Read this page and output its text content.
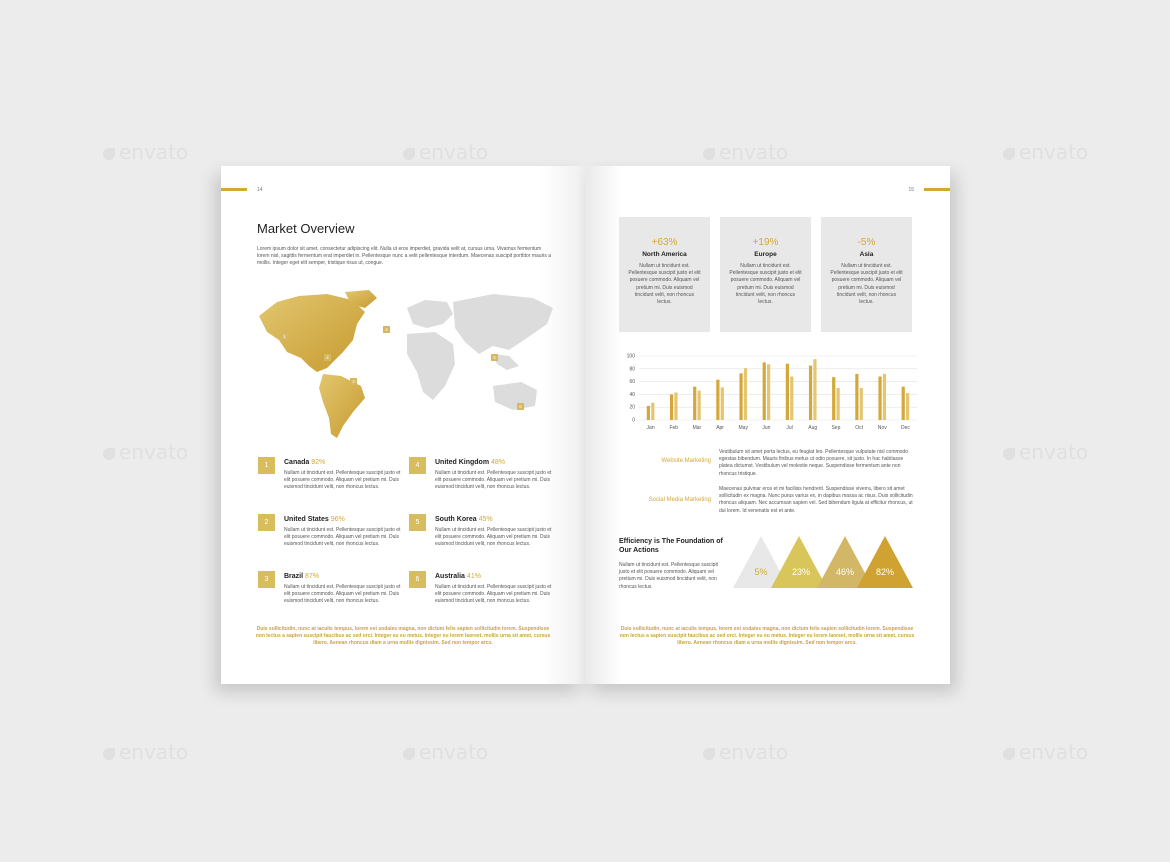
envato	envato	envato	envato
envato	envato
envato	envato	envato	envato
14
Market Overview
Lorem ipsum dolor sit amet, consectetur adipiscing elit. Nulla ut eros imperdiet, gravida velit at, cursus urna. Vivamus fermentum lorem nisl, sagittis fermentum erat imperdiet in. Pellentesque nunc a velit pellentesque interdum. Maecenas suscipit porttitor mauris a mollis. Integer eget elit semper, tristique risus ut, congue.
1
2
3
4
5
6
1	Canada 92%
Nullam ut tincidunt est. Pellentesque suscipit justo et elit posuere commodo. Aliquam vel pretium mi. Duis euismod tincidunt velit, non rhoncus lectus.
2	United States 96%
Nullam ut tincidunt est. Pellentesque suscipit justo et elit posuere commodo. Aliquam vel pretium mi. Duis euismod tincidunt velit, non rhoncus lectus.
3	Brazil 87%
Nullam ut tincidunt est. Pellentesque suscipit justo et elit posuere commodo. Aliquam vel pretium mi. Duis euismod tincidunt velit, non rhoncus lectus.
4	United Kingdom 48%
Nullam ut tincidunt est. Pellentesque suscipit justo et elit posuere commodo. Aliquam vel pretium mi. Duis euismod tincidunt velit, non rhoncus lectus.
5	South Korea 45%
Nullam ut tincidunt est. Pellentesque suscipit justo et elit posuere commodo. Aliquam vel pretium mi. Duis euismod tincidunt velit, non rhoncus lectus.
6	Australia 41%
Nullam ut tincidunt est. Pellentesque suscipit justo et elit posuere commodo. Aliquam vel pretium mi. Duis euismod tincidunt velit, non rhoncus lectus.
Duis sollicitudin, nunc at iaculis tempus, lorem est sodales magna, non dictum felis sapien sollicitudin lorem. Suspendisse non lectus a sapien suscipit faucibus ac sed orci. Integer eu eu metus. Integer eu lorem laoreet, mollis urna sit amet, cursus libero. Aenean rhoncus diam a urna mollis dignissim. Sed non tempor arcu.
15
+63%
North America
Nullam ut tincidunt est. Pellentesque suscipit justo et elit posuere commodo. Aliquam vel pretium mi. Duis euismod tincidunt velit, non rhoncus lectus.
+19%
Europe
Nullam ut tincidunt est. Pellentesque suscipit justo et elit posuere commodo. Aliquam vel pretium mi. Duis euismod tincidunt velit, non rhoncus lectus.
-5%
Asia
Nullam ut tincidunt est. Pellentesque suscipit justo et elit posuere commodo. Aliquam vel pretium mi. Duis euismod tincidunt velit, non rhoncus lectus.
0
20
40
60
80
100
Jan	Feb	Mar	Apr	May	Jun	Jul	Aug	Sep	Oct	Nov	Dec
Website Marketing
Vestibulum sit amet porta lectus, eu feugiat leo. Pellentesque vulputate nisl commodo egestas bibendum. Mauris finibus metus ut odio posuere, sit justo. In hac habitasse platea dictumst. Vestibulum vel molestie neque. Suspendisse fermentum ante non rhoncus tristique.
Social Media Marketing
Maecenas pulvinar eros et mi facilisis hendrerit. Suspendisse viverra, libero sit amet sollicitudin ex magna. Nunc purus varius ex, in dapibus massa ac risus. Duis sollicitudin rhoncus aliquam. Nec accumsan sapien vel. Sed bibendum ligula at efficitur rhoncus, ut dui lorem. Id venenatis est et ante.
Efficiency is The Foundation of Our Actions
Nullam ut tincidunt est. Pellentesque suscipit justo et elit posuere commodo. Aliquam vel pretium mi. Duis euismod tincidunt velit, non rhoncus lectus.
5%	23%	46% 82%
Duis sollicitudin, nunc at iaculis tempus, lorem est sodales magna, non dictum felis sapien sollicitudin lorem. Suspendisse non lectus a sapien suscipit faucibus ac sed orci. Integer eu eu metus. Integer eu lorem laoreet, mollis urna sit amet, cursus libero. Aenean rhoncus diam a urna mollis dignissim. Sed non tempor arcu.
